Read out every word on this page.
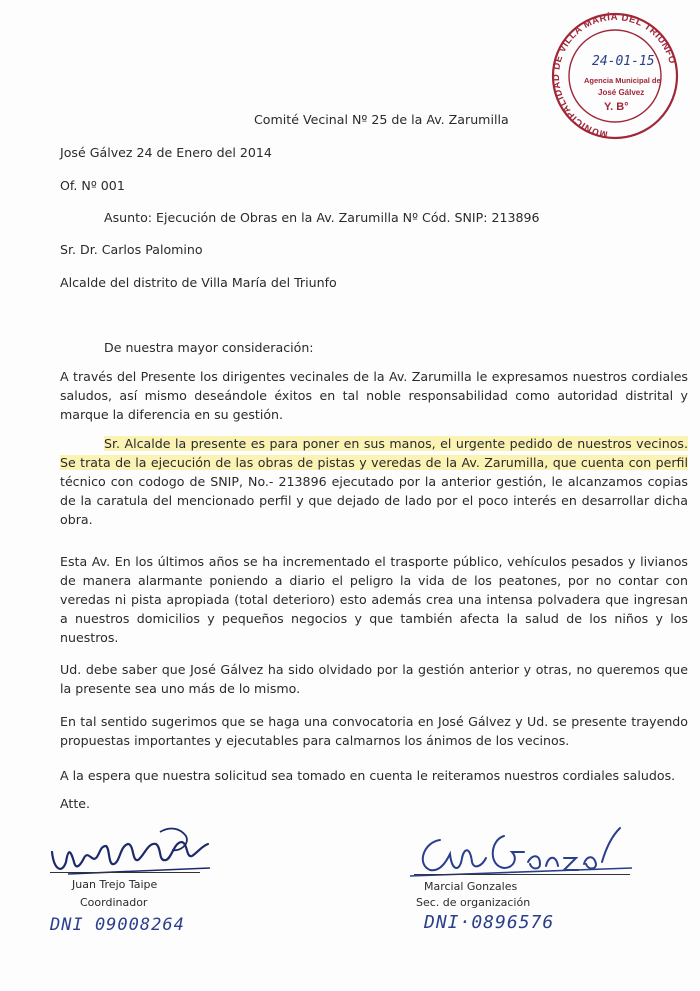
MUNICIPALIDAD DE VILLA MARÍA DEL TRIUNFO
24-01-15
Agencia Municipal de
José Gálvez
Y. B°
Comité Vecinal Nº 25 de la Av. Zarumilla
José Gálvez 24 de Enero del 2014
Of. Nº 001
Asunto: Ejecución de Obras en la Av. Zarumilla Nº Cód. SNIP: 213896
Sr. Dr. Carlos Palomino
Alcalde del distrito de Villa María del Triunfo
De nuestra mayor consideración:

A través del Presente los dirigentes vecinales de la Av. Zarumilla le expresamos nuestros cordiales saludos, así mismo deseándole éxitos en tal noble responsabilidad como autoridad distrital y marque la diferencia en su gestión.

Sr. Alcalde la presente es para poner en sus manos, el urgente pedido de nuestros vecinos. Se trata de la ejecución de las obras de pistas y veredas de la Av. Zarumilla, que cuenta con perfil técnico con codogo de SNIP, No.- 213896 ejecutado por la anterior gestión, le alcanzamos copias de la caratula del mencionado perfil y que dejado de lado por el poco interés en desarrollar dicha obra.

Esta Av. En los últimos años se ha incrementado el trasporte público, vehículos pesados y livianos de manera alarmante poniendo a diario el peligro la vida de los peatones, por no contar con veredas ni pista apropiada (total deterioro) esto además crea una intensa polvadera que ingresan a nuestros domicilios y pequeños negocios y que también afecta la salud de los niños y los nuestros.

Ud. debe saber que José Gálvez ha sido olvidado por la gestión anterior y otras, no queremos que la presente sea uno más de lo mismo.

En tal sentido sugerimos que se haga una convocatoria en José Gálvez y Ud. se presente trayendo propuestas importantes y ejecutables para calmarnos los ánimos de los vecinos.

A la espera que nuestra solicitud sea tomado en cuenta le reiteramos nuestros cordiales saludos.

Atte.
Juan Trejo Taipe
Coordinador
DNI 09008264
Marcial Gonzales
Sec. de organización
DNI·0896576
